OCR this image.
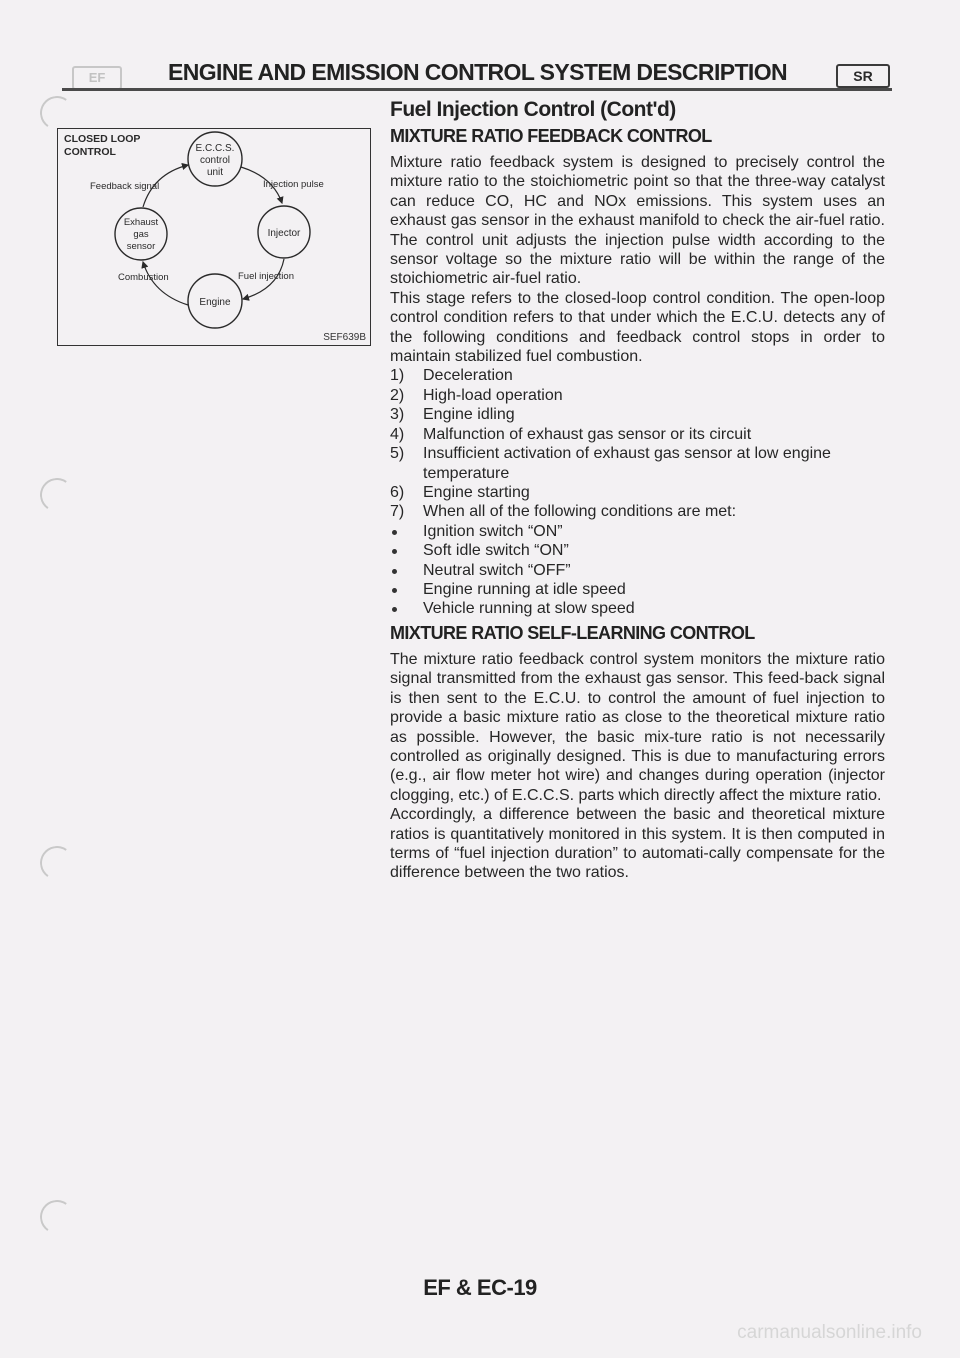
EF	ENGINE AND EMISSION CONTROL SYSTEM DESCRIPTION	SR
Fuel Injection Control (Cont'd)
CLOSED LOOP
CONTROL	E.C.C.S.
control
unit
Injection pulse
Feedback signal
Exhaust
gas
sensor
Injector
Combustion	Fuel injection
Engine
SEF639B
MIXTURE RATIO FEEDBACK CONTROL

Mixture ratio feedback system is designed to precisely control the mixture ratio to the stoichiometric point so that the three-way catalyst can reduce CO, HC and NOx emissions. This system uses an exhaust gas sensor in the exhaust manifold to check the air-fuel ratio. The control unit adjusts the injection pulse width according to the sensor voltage so the mixture ratio will be within the range of the stoichiometric air-fuel ratio.

This stage refers to the closed-loop control condition. The open-loop control condition refers to that under which the E.C.U. detects any of the following conditions and feedback control stops in order to maintain stabilized fuel combustion.

1) Deceleration
2) High-load operation
3) Engine idling
4) Malfunction of exhaust gas sensor or its circuit
5) Insufficient activation of exhaust gas sensor at low engine temperature
6) Engine starting
7) When all of the following conditions are met:
Ignition switch “ON”
Soft idle switch “ON”
Neutral switch “OFF”
Engine running at idle speed
Vehicle running at slow speed
MIXTURE RATIO SELF-LEARNING CONTROL

The mixture ratio feedback control system monitors the mixture ratio signal transmitted from the exhaust gas sensor. This feed-back signal is then sent to the E.C.U. to control the amount of fuel injection to provide a basic mixture ratio as close to the theoretical mixture ratio as possible. However, the basic mix-ture ratio is not necessarily controlled as originally designed. This is due to manufacturing errors (e.g., air flow meter hot wire) and changes during operation (injector clogging, etc.) of E.C.C.S. parts which directly affect the mixture ratio.

Accordingly, a difference between the basic and theoretical mixture ratios is quantitatively monitored in this system. It is then computed in terms of “fuel injection duration” to automati-cally compensate for the difference between the two ratios.

EF & EC-19
carmanualsonline.info
